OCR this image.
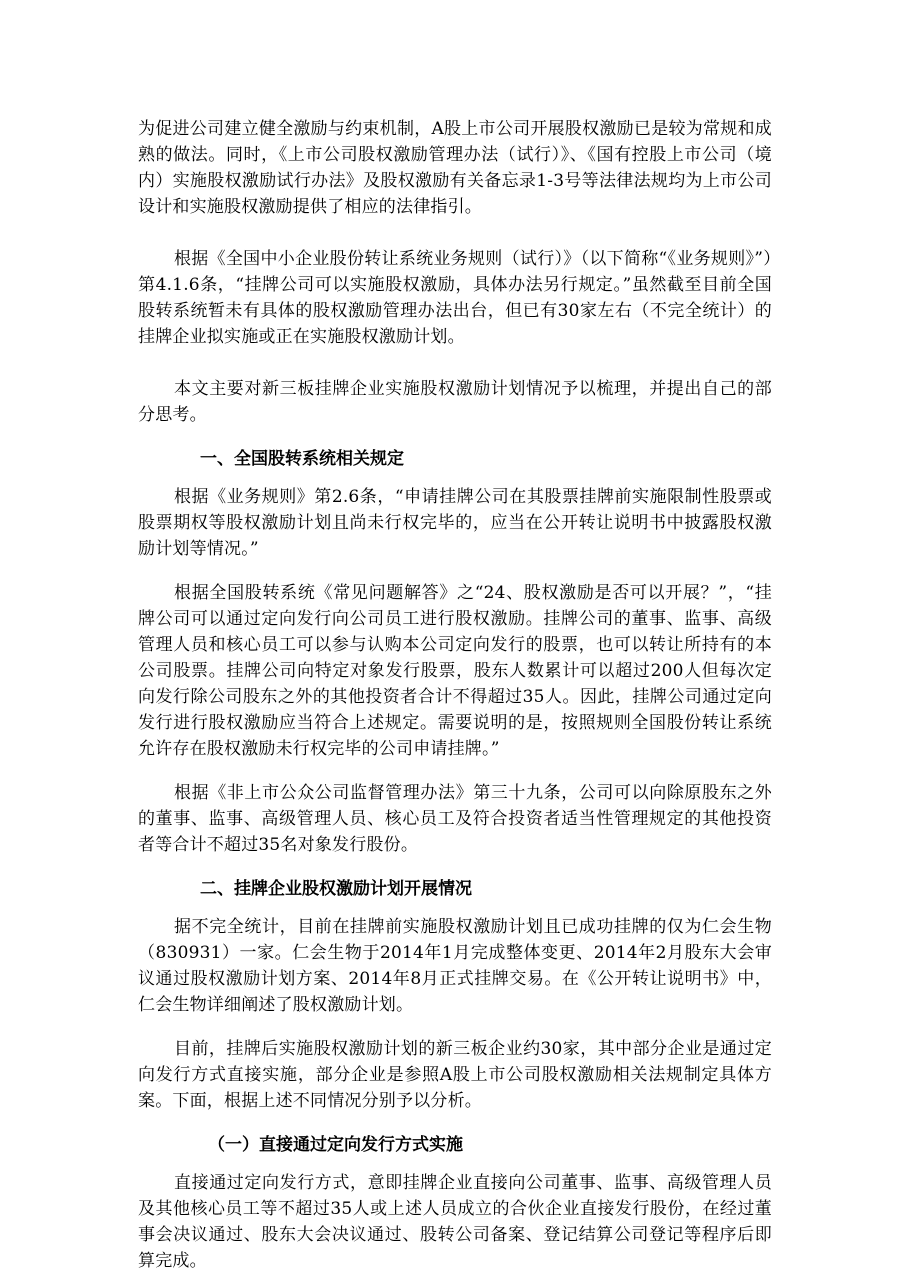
为促进公司建立健全激励与约束机制，A股上市公司开展股权激励已是较为常规和成熟的做法。同时，《上市公司股权激励管理办法（试行）》、《国有控股上市公司（境内）实施股权激励试行办法》及股权激励有关备忘录1-3号等法律法规均为上市公司设计和实施股权激励提供了相应的法律指引。

根据《全国中小企业股份转让系统业务规则（试行）》（以下简称“《业务规则》”）第4.1.6条，“挂牌公司可以实施股权激励，具体办法另行规定。”虽然截至目前全国股转系统暂未有具体的股权激励管理办法出台，但已有30家左右（不完全统计）的挂牌企业拟实施或正在实施股权激励计划。

本文主要对新三板挂牌企业实施股权激励计划情况予以梳理，并提出自己的部分思考。

一、全国股转系统相关规定

根据《业务规则》第2.6条，“申请挂牌公司在其股票挂牌前实施限制性股票或股票期权等股权激励计划且尚未行权完毕的，应当在公开转让说明书中披露股权激励计划等情况。”

根据全国股转系统《常见问题解答》之“24、股权激励是否可以开展？”，“挂牌公司可以通过定向发行向公司员工进行股权激励。挂牌公司的董事、监事、高级管理人员和核心员工可以参与认购本公司定向发行的股票，也可以转让所持有的本公司股票。挂牌公司向特定对象发行股票，股东人数累计可以超过200人但每次定向发行除公司股东之外的其他投资者合计不得超过35人。因此，挂牌公司通过定向发行进行股权激励应当符合上述规定。需要说明的是，按照规则全国股份转让系统允许存在股权激励未行权完毕的公司申请挂牌。”

根据《非上市公众公司监督管理办法》第三十九条，公司可以向除原股东之外的董事、监事、高级管理人员、核心员工及符合投资者适当性管理规定的其他投资者等合计不超过35名对象发行股份。

二、挂牌企业股权激励计划开展情况

据不完全统计，目前在挂牌前实施股权激励计划且已成功挂牌的仅为仁会生物（830931）一家。仁会生物于2014年1月完成整体变更、2014年2月股东大会审议通过股权激励计划方案、2014年8月正式挂牌交易。在《公开转让说明书》中，仁会生物详细阐述了股权激励计划。

目前，挂牌后实施股权激励计划的新三板企业约30家，其中部分企业是通过定向发行方式直接实施，部分企业是参照A股上市公司股权激励相关法规制定具体方案。下面，根据上述不同情况分别予以分析。

（一）直接通过定向发行方式实施

直接通过定向发行方式，意即挂牌企业直接向公司董事、监事、高级管理人员及其他核心员工等不超过35人或上述人员成立的合伙企业直接发行股份，在经过董事会决议通过、股东大会决议通过、股转公司备案、登记结算公司登记等程序后即算完成。
